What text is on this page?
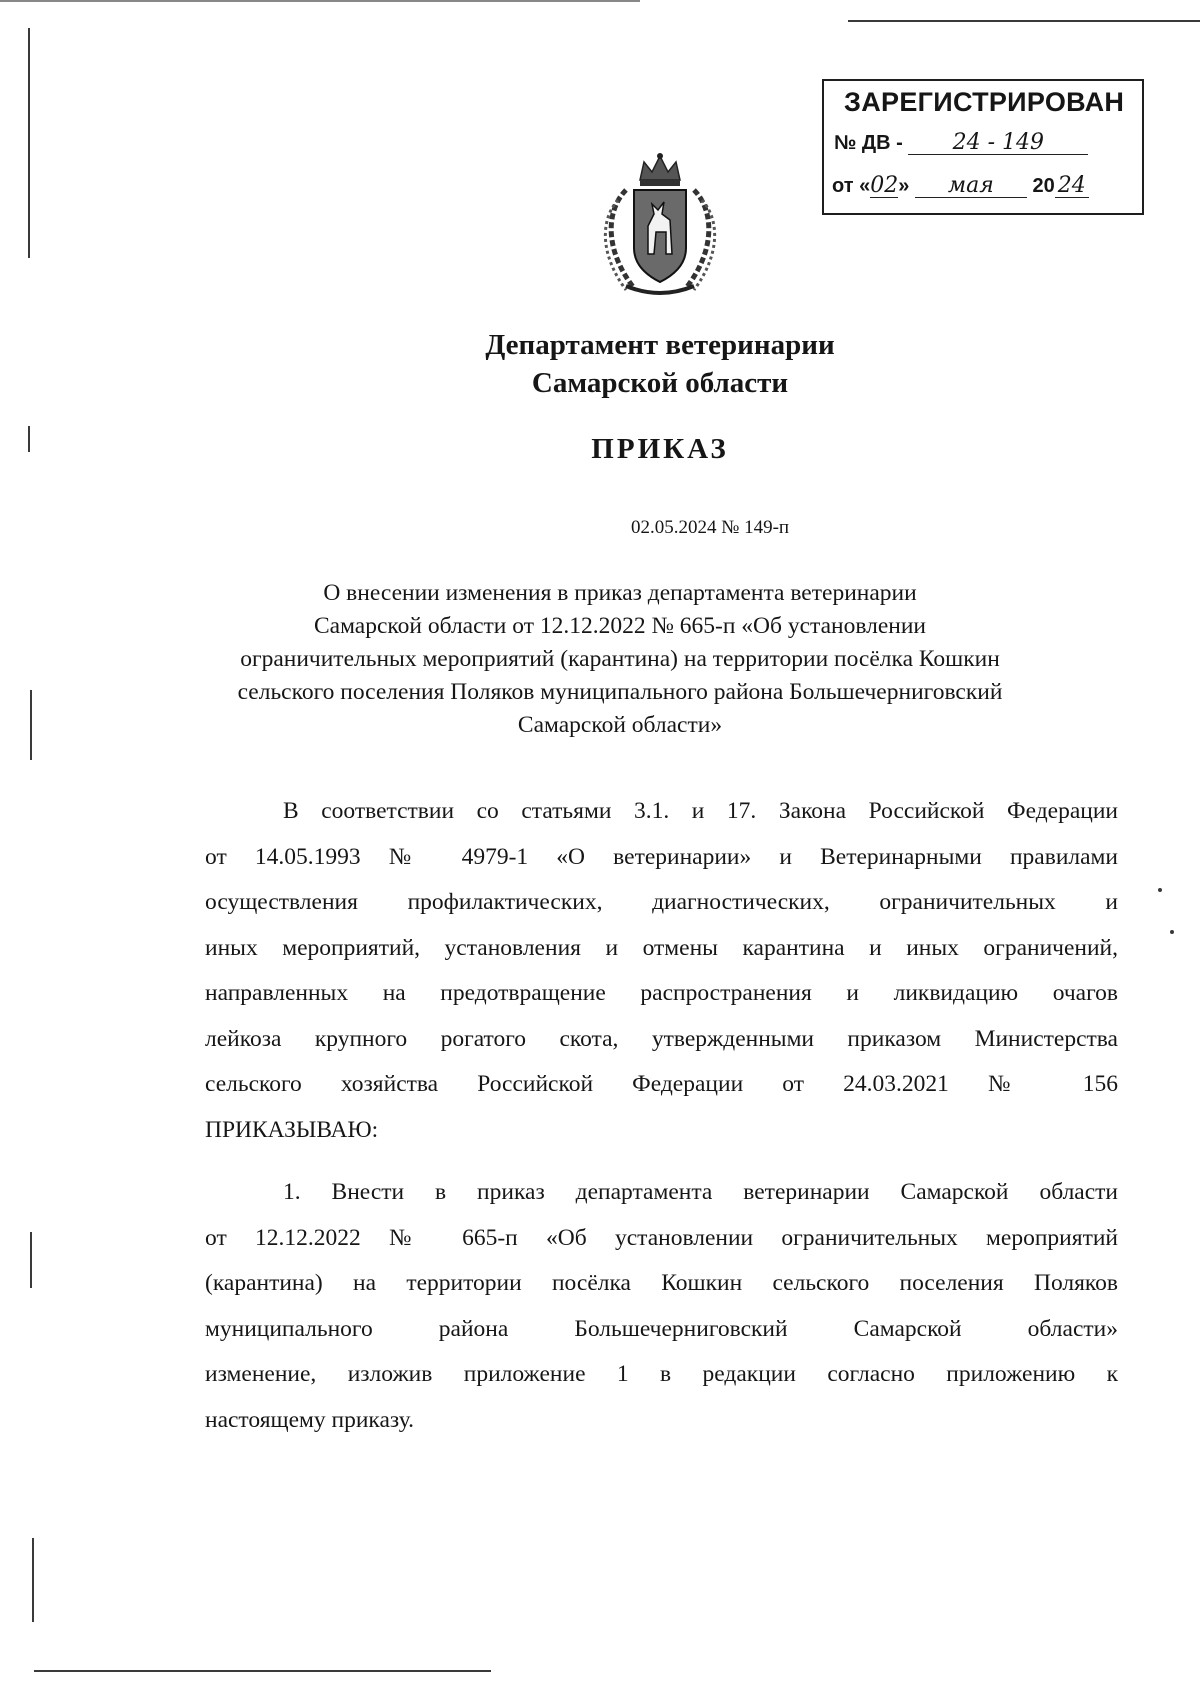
ЗАРЕГИСТРИРОВАН
№ ДВ - 24 - 149
от «02» мая 20 24
Департамент ветеринарии
Самарской области
ПРИКАЗ
02.05.2024 № 149-п
О внесении изменения в приказ департамента ветеринарии
Самарской области от 12.12.2022 № 665-п «Об установлении
ограничительных мероприятий (карантина) на территории посёлка Кошкин
сельского поселения Поляков муниципального района Большечерниговский
Самарской области»
В соответствии со статьями 3.1. и 17. Закона Российской Федерации
от 14.05.1993 № 4979-1 «О ветеринарии» и Ветеринарными правилами
осуществления профилактических, диагностических, ограничительных и
иных мероприятий, установления и отмены карантина и иных ограничений,
направленных на предотвращение распространения и ликвидацию очагов
лейкоза крупного рогатого скота, утвержденными приказом Министерства
сельского хозяйства Российской Федерации от 24.03.2021 № 156
ПРИКАЗЫВАЮ:
1. Внести в приказ департамента ветеринарии Самарской области
от 12.12.2022 № 665-п «Об установлении ограничительных мероприятий
(карантина) на территории посёлка Кошкин сельского поселения Поляков
муниципального района Большечерниговский Самарской области»
изменение, изложив приложение 1 в редакции согласно приложению к
настоящему приказу.
